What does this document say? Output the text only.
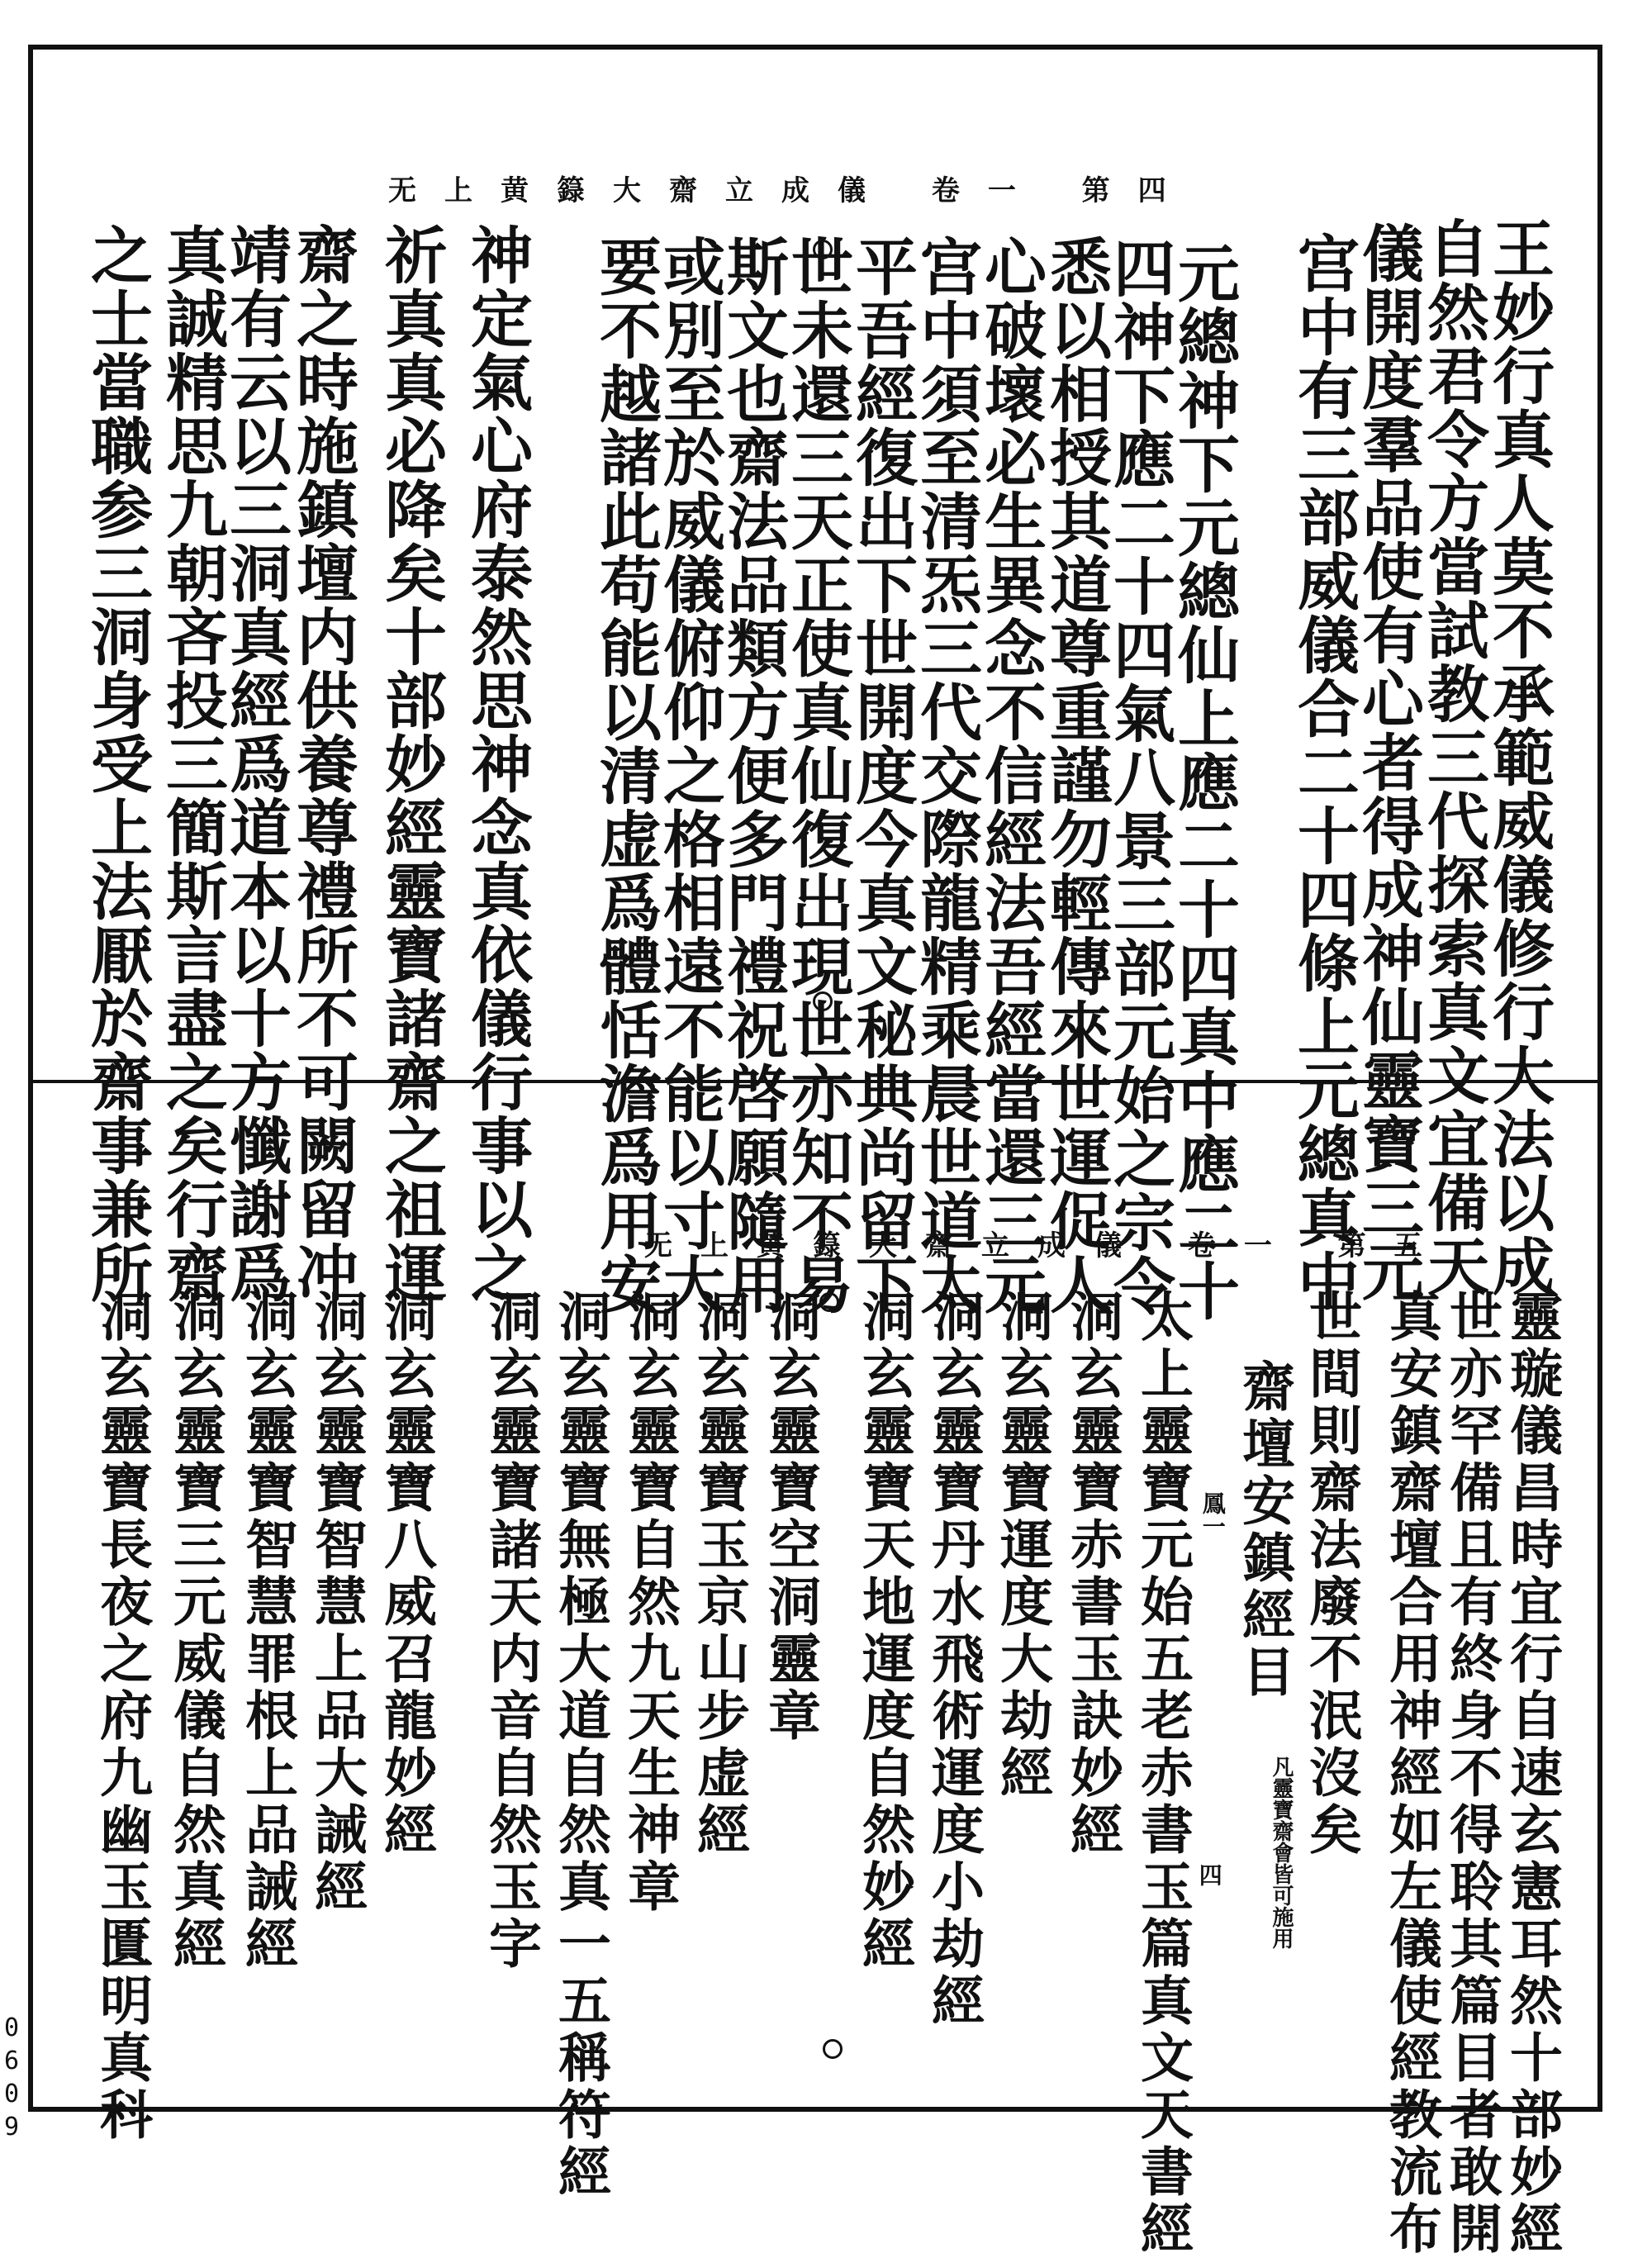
无上黄籙大齋立成儀 卷一 第四
元總神下元總仙上應二十四真中應二十 宫中有三部威儀合二十四條上元總真中
儀開度羣品使有心者得成神仙靈寶三元
自然君令方當試教三代探索真文宜備天
王妙行真人莫不承範威儀修行大法以成
四神下應二十四氣八景三部元始之宗令
悉以相授其道尊重謹勿輕傳來世運促人
心破壞必生異念不信經法吾經當還三元
宫中須至清炁三代交際龍精乘晨世道太
平吾經復出下世開度今真文秘典尚留下
世未還三天正使真仙復出現世亦知不易
斯文也齋法品類方便多門禮祝啓願隨用
或別至於威儀俯仰之格相遠不能以寸大
要不越諸此苟能以清虚爲體恬澹爲用安
神定氣心府泰然思神念真依儀行事以之
祈真真必降矣十部妙經靈寶諸齋之祖運
齋之時施鎮壇内供養尊禮所不可闕留冲
靖有云以三洞真經爲道本以十方懺謝爲
真誠精思九朝吝投三簡斯言盡之矣行齋
之士當職参三洞身受上法厭於齋事兼所	无上黄籙大齋立成儀 卷一 第五
靈璇儀昌時宜行自速玄憲耳然十部妙經
世亦罕備且有終身不得聆其篇目者敢開
真安鎮齋壇合用神經如左儀使經教流布
世間則齋法廢不泯沒矣
齋壇安鎮經目
鳳一
凡靈寶齋會皆可施用
四
太上靈寶元始五老赤書玉篇真文天書經
洞玄靈寶赤書玉訣妙經
洞玄靈寶運度大劫經
洞玄靈寶丹水飛術運度小劫經
洞玄靈寶天地運度自然妙經
洞玄靈寶空洞靈章
洞玄靈寶玉京山步虚經
洞玄靈寶自然九天生神章
洞玄靈寶無極大道自然真一五稱符經
洞玄靈寶諸天内音自然玉字
洞玄靈寶八威召龍妙經
洞玄靈寶智慧上品大誡經
洞玄靈寶智慧罪根上品誡經
洞玄靈寶三元威儀自然真經
洞玄靈寶長夜之府九幽玉匱明真科
0609
